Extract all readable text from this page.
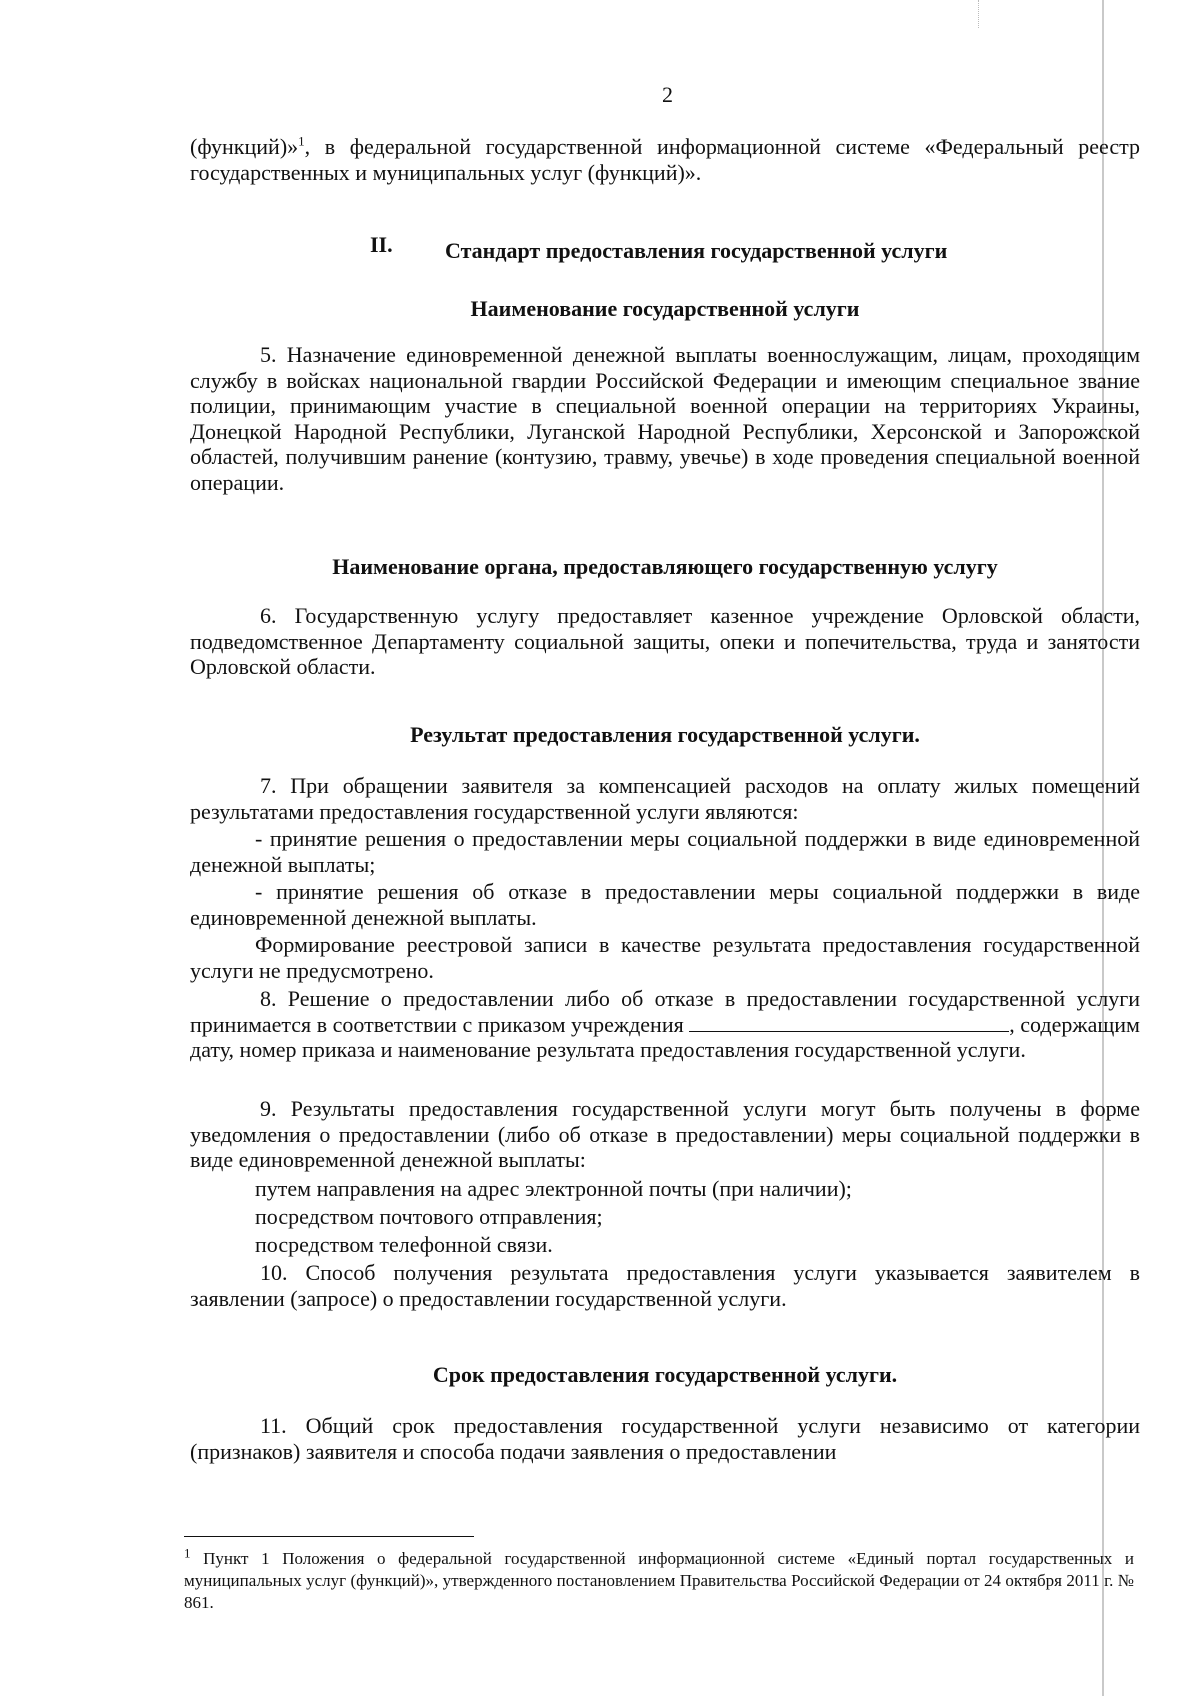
2

(функций)»$^1$, в федеральной государственной информационной системе «Федеральный реестр государственных и муниципальных услуг (функций)».

II. Стандарт предоставления государственной услуги

Наименование государственной услуги

5. Назначение единовременной денежной выплаты военнослужащим, лицам, проходящим службу в войсках национальной гвардии Российской Федерации и имеющим специальное звание полиции, принимающим участие в специальной военной операции на территориях Украины, Донецкой Народной Республики, Луганской Народной Республики, Херсонской и Запорожской областей, получившим ранение (контузию, травму, увечье) в ходе проведения специальной военной операции.

Наименование органа, предоставляющего государственную услугу

6. Государственную услугу предоставляет казенное учреждение Орловской области, подведомственное Департаменту социальной защиты, опеки и попечительства, труда и занятости Орловской области.

Результат предоставления государственной услуги.

7. При обращении заявителя за компенсацией расходов на оплату жилых помещений результатами предоставления государственной услуги являются:

- принятие решения о предоставлении меры социальной поддержки в виде единовременной денежной выплаты;

- принятие решения об отказе в предоставлении меры социальной поддержки в виде единовременной денежной выплаты.

Формирование реестровой записи в качестве результата предоставления государственной услуги не предусмотрено.

8. Решение о предоставлении либо об отказе в предоставлении государственной услуги принимается в соответствии с приказом учреждения	, содержащим дату, номер приказа и наименование результата предоставления государственной услуги.

9. Результаты предоставления государственной услуги могут быть получены в форме уведомления о предоставлении (либо об отказе в предоставлении) меры социальной поддержки в виде единовременной денежной выплаты:

путем направления на адрес электронной почты (при наличии);

посредством почтового отправления;

посредством телефонной связи.

10. Способ получения результата предоставления услуги указывается заявителем в заявлении (запросе) о предоставлении государственной услуги.

Срок предоставления государственной услуги.

11. Общий срок предоставления государственной услуги независимо от категории (признаков) заявителя и способа подачи заявления о предоставлении

$^1$ Пункт 1 Положения о федеральной государственной информационной системе «Единый портал государственных и муниципальных услуг (функций)», утвержденного постановлением Правительства Российской Федерации от 24 октября 2011 г. № 861.
